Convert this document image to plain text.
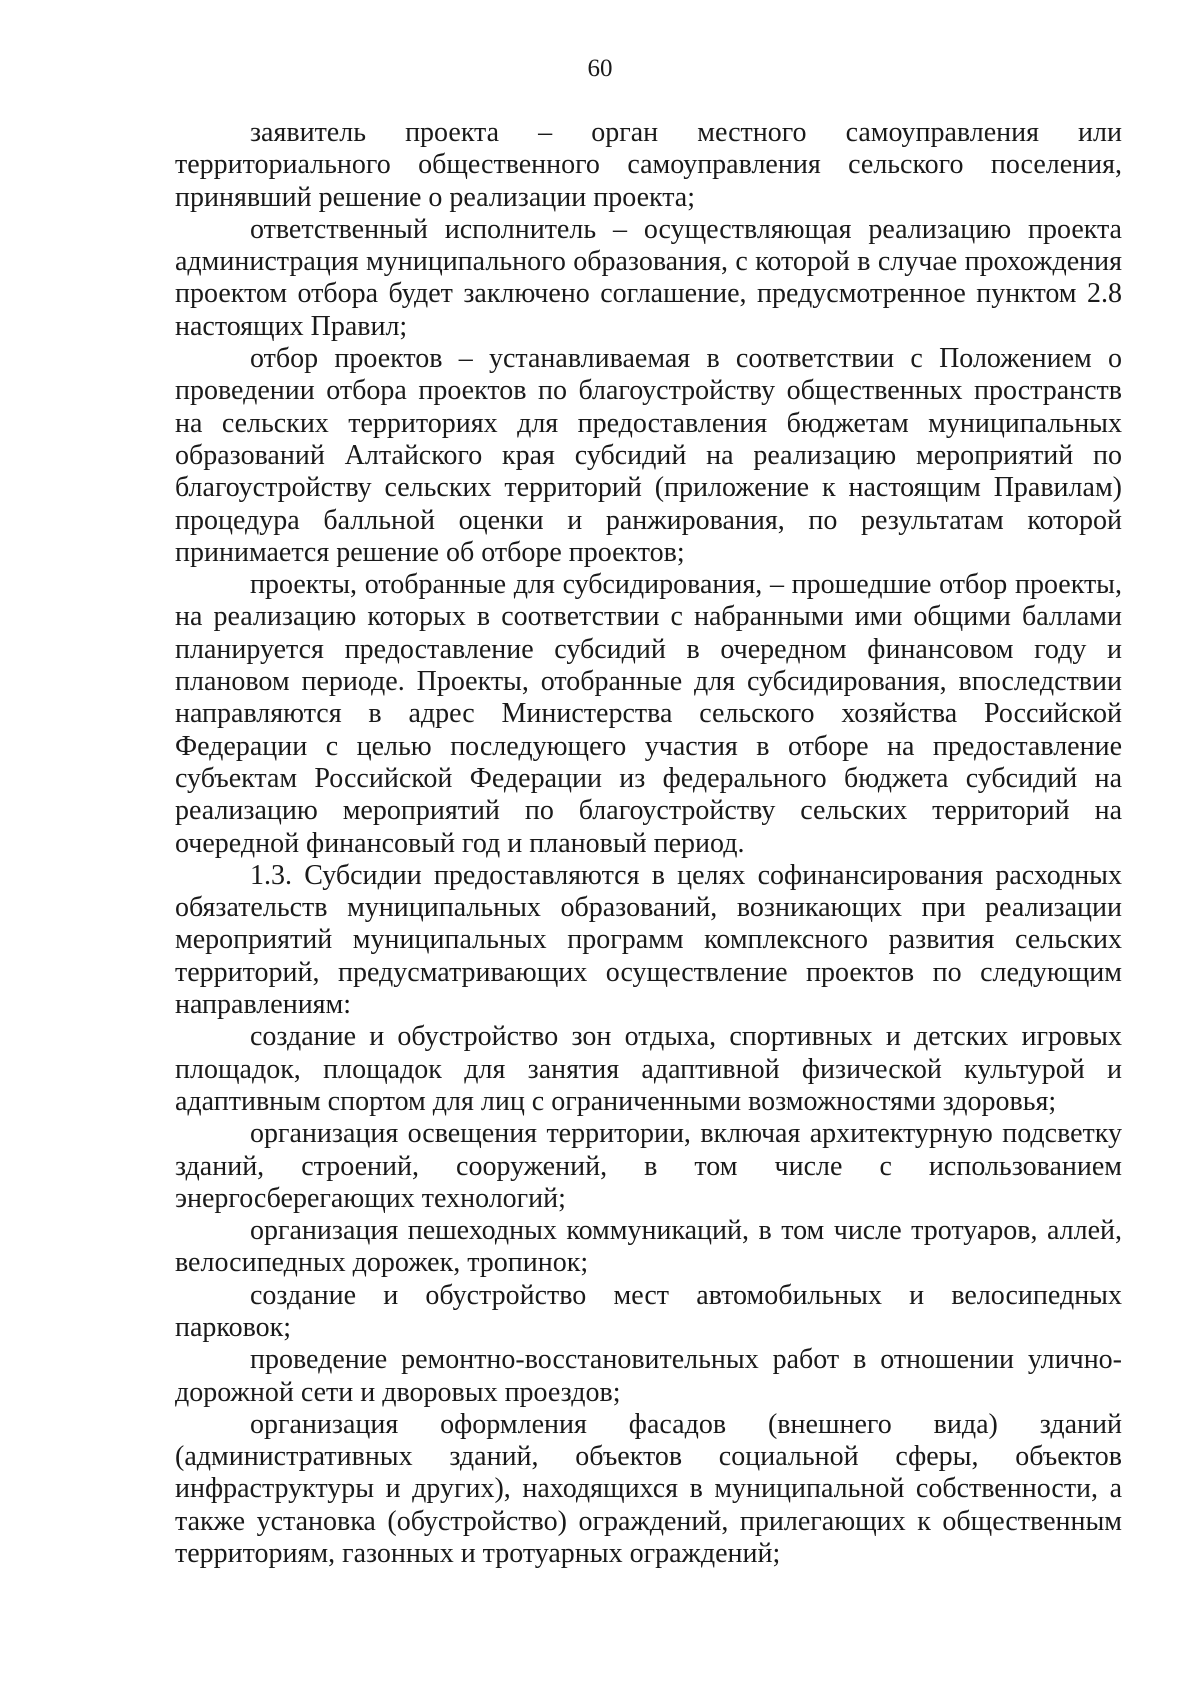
60

заявитель проекта – орган местного самоуправления или территориального общественного самоуправления сельского поселения, принявший решение о реализации проекта;

ответственный исполнитель – осуществляющая реализацию проекта администрация муниципального образования, с которой в случае прохождения проектом отбора будет заключено соглашение, предусмотренное пунктом 2.8 настоящих Правил;

отбор проектов – устанавливаемая в соответствии с Положением о проведении отбора проектов по благоустройству общественных пространств на сельских территориях для предоставления бюджетам муниципальных образований Алтайского края субсидий на реализацию мероприятий по благоустройству сельских территорий (приложение к настоящим Правилам) процедура балльной оценки и ранжирования, по результатам которой принимается решение об отборе проектов;

проекты, отобранные для субсидирования, – прошедшие отбор проекты, на реализацию которых в соответствии с набранными ими общими баллами планируется предоставление субсидий в очередном финансовом году и плановом периоде. Проекты, отобранные для субсидирования, впоследствии направляются в адрес Министерства сельского хозяйства Российской Федерации с целью последующего участия в отборе на предоставление субъектам Российской Федерации из федерального бюджета субсидий на реализацию мероприятий по благоустройству сельских территорий на очередной финансовый год и плановый период.

1.3. Субсидии предоставляются в целях софинансирования расходных обязательств муниципальных образований, возникающих при реализации мероприятий муниципальных программ комплексного развития сельских территорий, предусматривающих осуществление проектов по следующим направлениям:

создание и обустройство зон отдыха, спортивных и детских игровых площадок, площадок для занятия адаптивной физической культурой и адаптивным спортом для лиц с ограниченными возможностями здоровья;

организация освещения территории, включая архитектурную подсветку зданий, строений, сооружений, в том числе с использованием энергосберегающих технологий;

организация пешеходных коммуникаций, в том числе тротуаров, аллей, велосипедных дорожек, тропинок;

создание и обустройство мест автомобильных и велосипедных парковок;

проведение ремонтно-восстановительных работ в отношении улично-дорожной сети и дворовых проездов;

организация оформления фасадов (внешнего вида) зданий (административных зданий, объектов социальной сферы, объектов инфраструктуры и других), находящихся в муниципальной собственности, а также установка (обустройство) ограждений, прилегающих к общественным территориям, газонных и тротуарных ограждений;
